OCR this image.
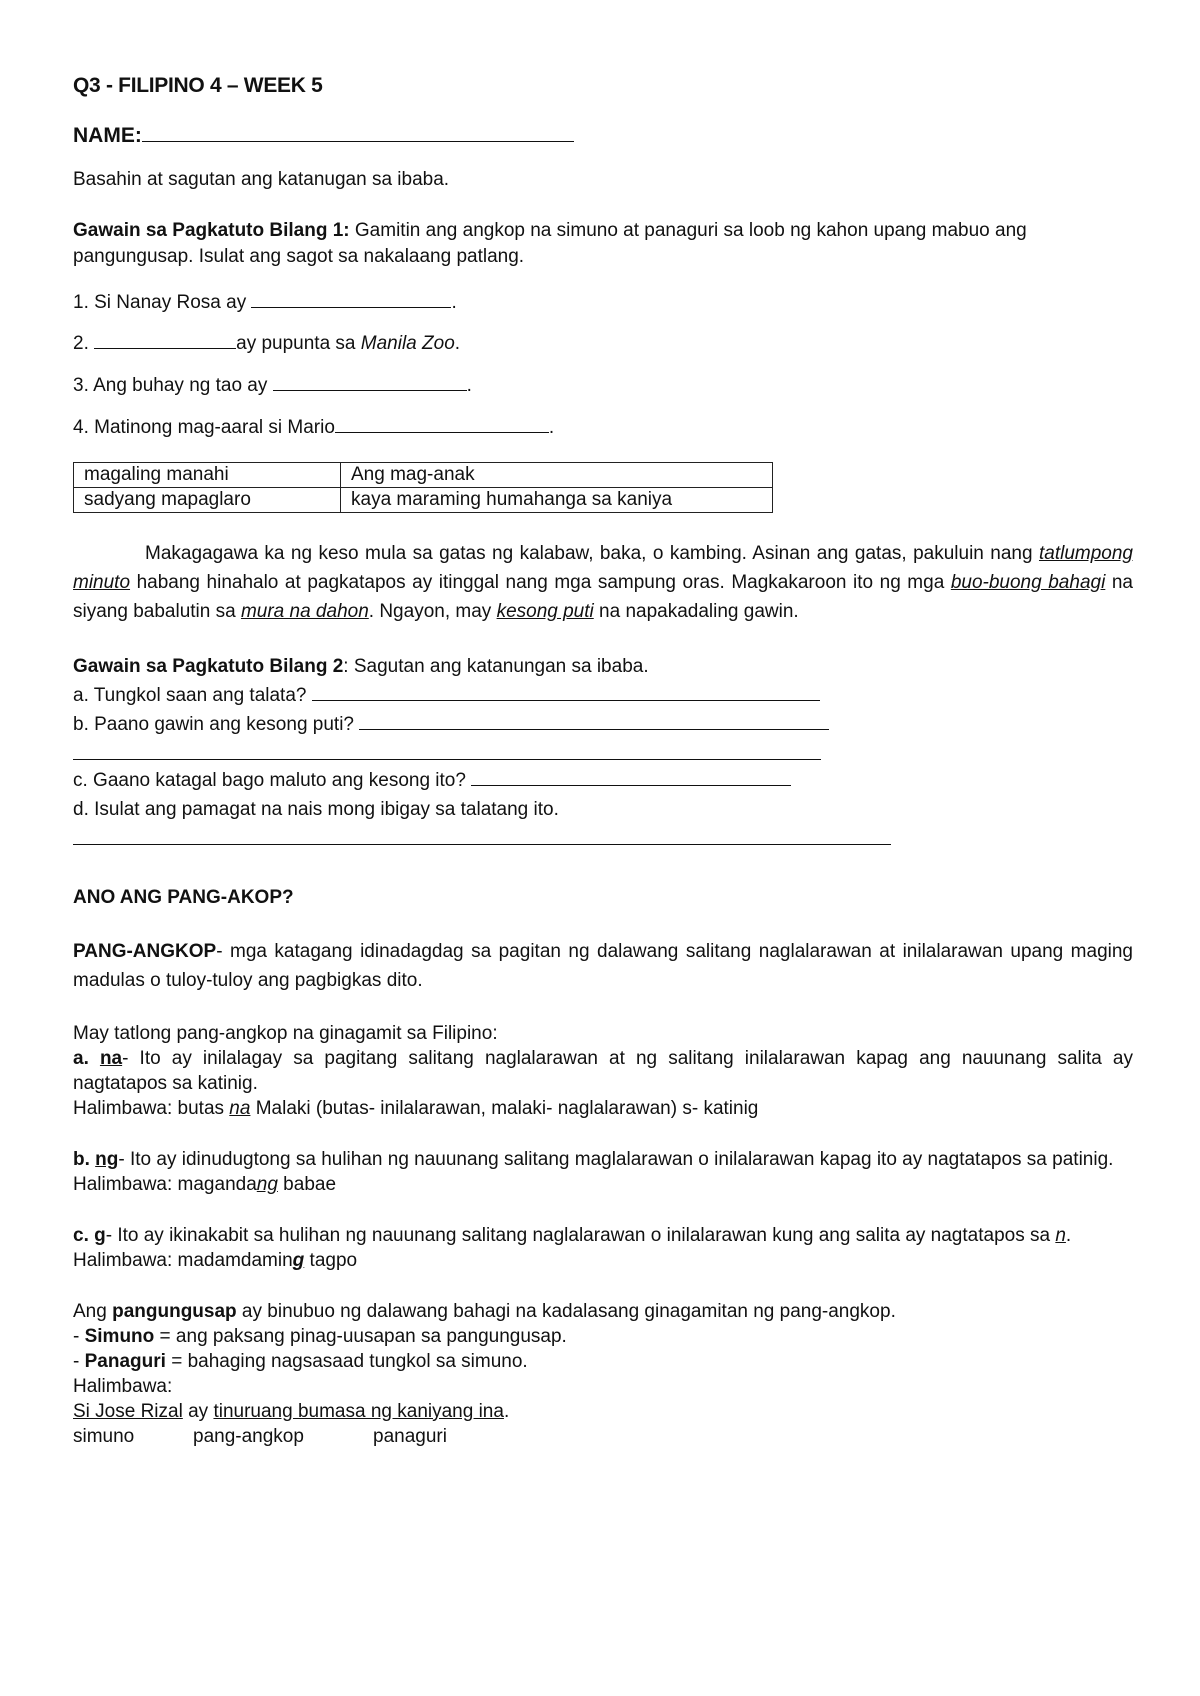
Q3 - FILIPINO 4 – WEEK 5
NAME:

Basahin at sagutan ang katanugan sa ibaba.

Gawain sa Pagkatuto Bilang 1: Gamitin ang angkop na simuno at panaguri sa loob ng kahon upang mabuo ang pangungusap. Isulat ang sagot sa nakalaang patlang.

1. Si Nanay Rosa ay	.

2.	ay pupunta sa Manila Zoo.

3. Ang buhay ng tao ay	.

4. Matinong mag-aaral si Mario	.

magaling manahi	Ang mag-anak
sadyang mapaglaro	kaya maraming humahanga sa kaniya

Makagagawa ka ng keso mula sa gatas ng kalabaw, baka, o kambing. Asinan ang gatas, pakuluin nang tatlumpong minuto habang hinahalo at pagkatapos ay itinggal nang mga sampung oras. Magkakaroon ito ng mga buo-buong bahagi na siyang babalutin sa mura na dahon. Ngayon, may kesong puti na napakadaling gawin.

Gawain sa Pagkatuto Bilang 2: Sagutan ang katanungan sa ibaba.

a. Tungkol saan ang talata?

b. Paano gawin ang kesong puti?

c. Gaano katagal bago maluto ang kesong ito?

d. Isulat ang pamagat na nais mong ibigay sa talatang ito.

ANO ANG PANG-AKOP?

PANG-ANGKOP- mga katagang idinadagdag sa pagitan ng dalawang salitang naglalarawan at inilalarawan upang maging madulas o tuloy-tuloy ang pagbigkas dito.

May tatlong pang-angkop na ginagamit sa Filipino:

a. na- Ito ay inilalagay sa pagitang salitang naglalarawan at ng salitang inilalarawan kapag ang nauunang salita ay nagtatapos sa katinig.

Halimbawa: butas na Malaki (butas- inilalarawan, malaki- naglalarawan) s- katinig

b. ng- Ito ay idinudugtong sa hulihan ng nauunang salitang maglalarawan o inilalarawan kapag ito ay nagtatapos sa patinig.

Halimbawa: magandang babae

c. g- Ito ay ikinakabit sa hulihan ng nauunang salitang naglalarawan o inilalarawan kung ang salita ay nagtatapos sa n.

Halimbawa: madamdaming tagpo

Ang pangungusap ay binubuo ng dalawang bahagi na kadalasang ginagamitan ng pang-angkop.

- Simuno = ang paksang pinag-uusapan sa pangungusap.

- Panaguri = bahaging nagsasaad tungkol sa simuno.

Halimbawa:

Si Jose Rizal ay tinuruang bumasa ng kaniyang ina.

simuno	pang-angkop	panaguri
